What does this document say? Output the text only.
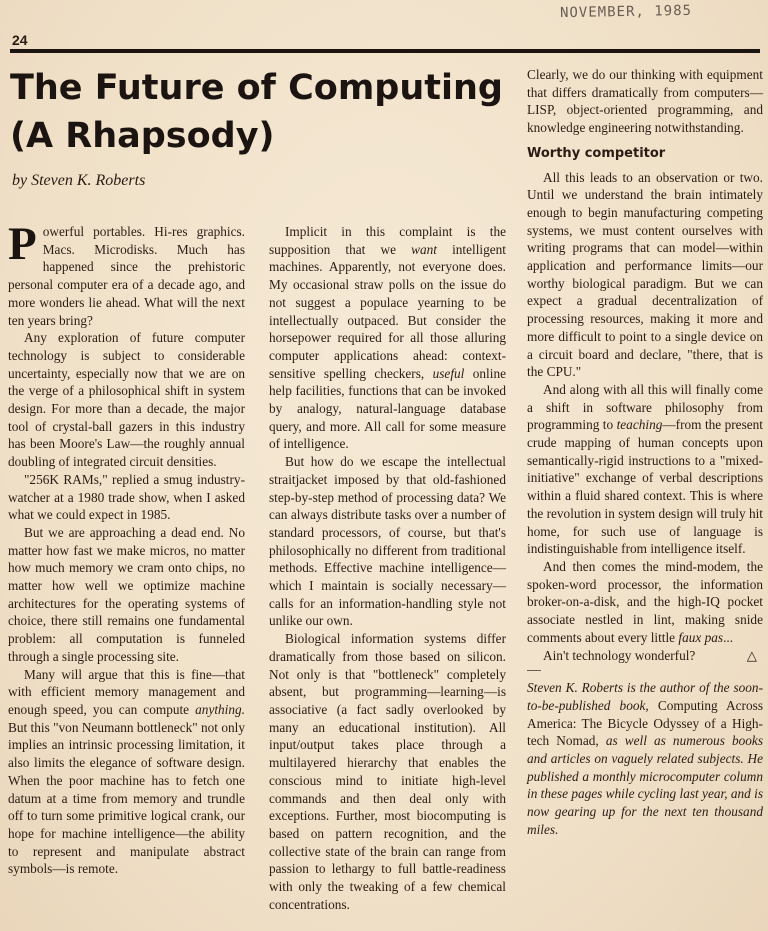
NOVEMBER, 1985
24
The Future of Computing (A Rhapsody)
by Steven K. Roberts

Powerful portables. Hi-res graphics. Macs. Microdisks. Much has happened since the prehistoric personal computer era of a decade ago, and more wonders lie ahead. What will the next ten years bring?

Any exploration of future computer technology is subject to considerable uncertainty, especially now that we are on the verge of a philosophical shift in system design. For more than a decade, the major tool of crystal-ball gazers in this industry has been Moore's Law—the roughly annual doubling of integrated circuit densities.

"256K RAMs," replied a smug industry-watcher at a 1980 trade show, when I asked what we could expect in 1985.

But we are approaching a dead end. No matter how fast we make micros, no matter how much memory we cram onto chips, no matter how well we optimize machine architectures for the operating systems of choice, there still remains one fundamental problem: all computation is funneled through a single processing site.

Many will argue that this is fine—that with efficient memory management and enough speed, you can compute anything. But this "von Neumann bottleneck" not only implies an intrinsic processing limitation, it also limits the elegance of software design. When the poor machine has to fetch one datum at a time from memory and trundle off to turn some primitive logical crank, our hope for machine intelligence—the ability to represent and manipulate abstract symbols—is remote.

Implicit in this complaint is the supposition that we want intelligent machines. Apparently, not everyone does. My occasional straw polls on the issue do not suggest a populace yearning to be intellectually outpaced. But consider the horsepower required for all those alluring computer applications ahead: context-sensitive spelling checkers, useful online help facilities, functions that can be invoked by analogy, natural-language database query, and more. All call for some measure of intelligence.

But how do we escape the intellectual straitjacket imposed by that old-fashioned step-by-step method of processing data? We can always distribute tasks over a number of standard processors, of course, but that's philosophically no different from traditional methods. Effective machine intelligence—which I maintain is socially necessary—calls for an information-handling style not unlike our own.

Biological information systems differ dramatically from those based on silicon. Not only is that "bottleneck" completely absent, but programming—learning—is associative (a fact sadly overlooked by many an educational institution). All input/output takes place through a multilayered hierarchy that enables the conscious mind to initiate high-level commands and then deal only with exceptions. Further, most biocomputing is based on pattern recognition, and the collective state of the brain can range from passion to lethargy to full battle-readiness with only the tweaking of a few chemical concentrations.

Clearly, we do our thinking with equipment that differs dramatically from computers—LISP, object-oriented programming, and knowledge engineering notwithstanding.

Worthy competitor

All this leads to an observation or two. Until we understand the brain intimately enough to begin manufacturing competing systems, we must content ourselves with writing programs that can model—within application and performance limits—our worthy biological paradigm. But we can expect a gradual decentralization of processing resources, making it more and more difficult to point to a single device on a circuit board and declare, "there, that is the CPU."

And along with all this will finally come a shift in software philosophy from programming to teaching—from the present crude mapping of human concepts upon semantically-rigid instructions to a "mixed-initiative" exchange of verbal descriptions within a fluid shared context. This is where the revolution in system design will truly hit home, for such use of language is indistinguishable from intelligence itself.

And then comes the mind-modem, the spoken-word processor, the information broker-on-a-disk, and the high-IQ pocket associate nestled in lint, making snide comments about every little faux pas...

Ain't technology wonderful?	△

Steven K. Roberts is the author of the soon-to-be-published book, Computing Across America: The Bicycle Odyssey of a High-tech Nomad, as well as numerous books and articles on vaguely related subjects. He published a monthly microcomputer column in these pages while cycling last year, and is now gearing up for the next ten thousand miles.
